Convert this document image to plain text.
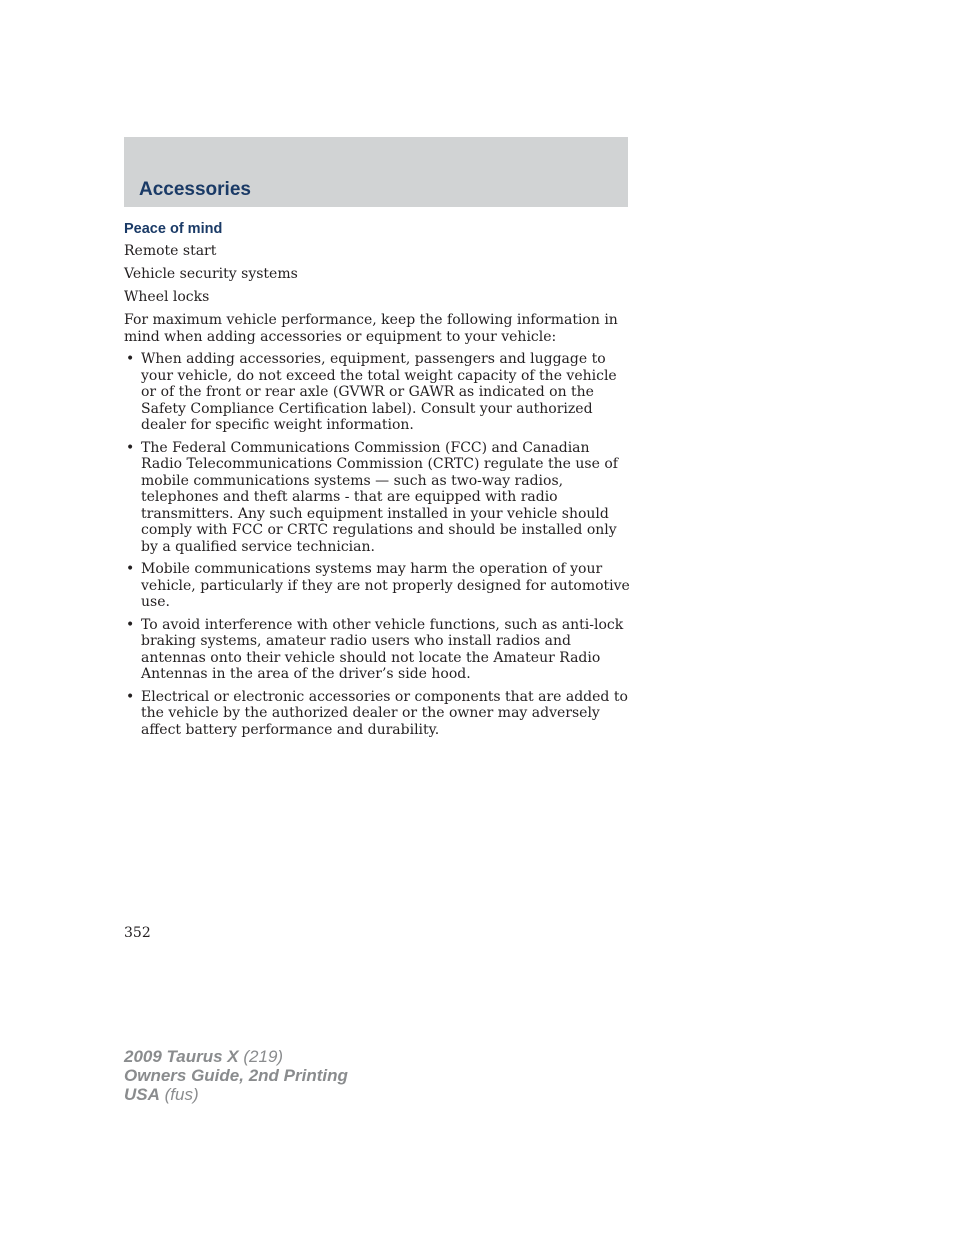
Accessories
Peace of mind

Remote start

Vehicle security systems

Wheel locks

For maximum vehicle performance, keep the following information in mind when adding accessories or equipment to your vehicle:

• When adding accessories, equipment, passengers and luggage to your vehicle, do not exceed the total weight capacity of the vehicle or of the front or rear axle (GVWR or GAWR as indicated on the Safety Compliance Certification label). Consult your authorized dealer for specific weight information.
• The Federal Communications Commission (FCC) and Canadian Radio Telecommunications Commission (CRTC) regulate the use of mobile communications systems — such as two-way radios, telephones and theft alarms - that are equipped with radio transmitters. Any such equipment installed in your vehicle should comply with FCC or CRTC regulations and should be installed only by a qualified service technician.
• Mobile communications systems may harm the operation of your vehicle, particularly if they are not properly designed for automotive use.
• To avoid interference with other vehicle functions, such as anti-lock braking systems, amateur radio users who install radios and antennas onto their vehicle should not locate the Amateur Radio Antennas in the area of the driver’s side hood.
• Electrical or electronic accessories or components that are added to the vehicle by the authorized dealer or the owner may adversely affect battery performance and durability.
352
2009 Taurus X (219)
Owners Guide, 2nd Printing
USA (fus)
